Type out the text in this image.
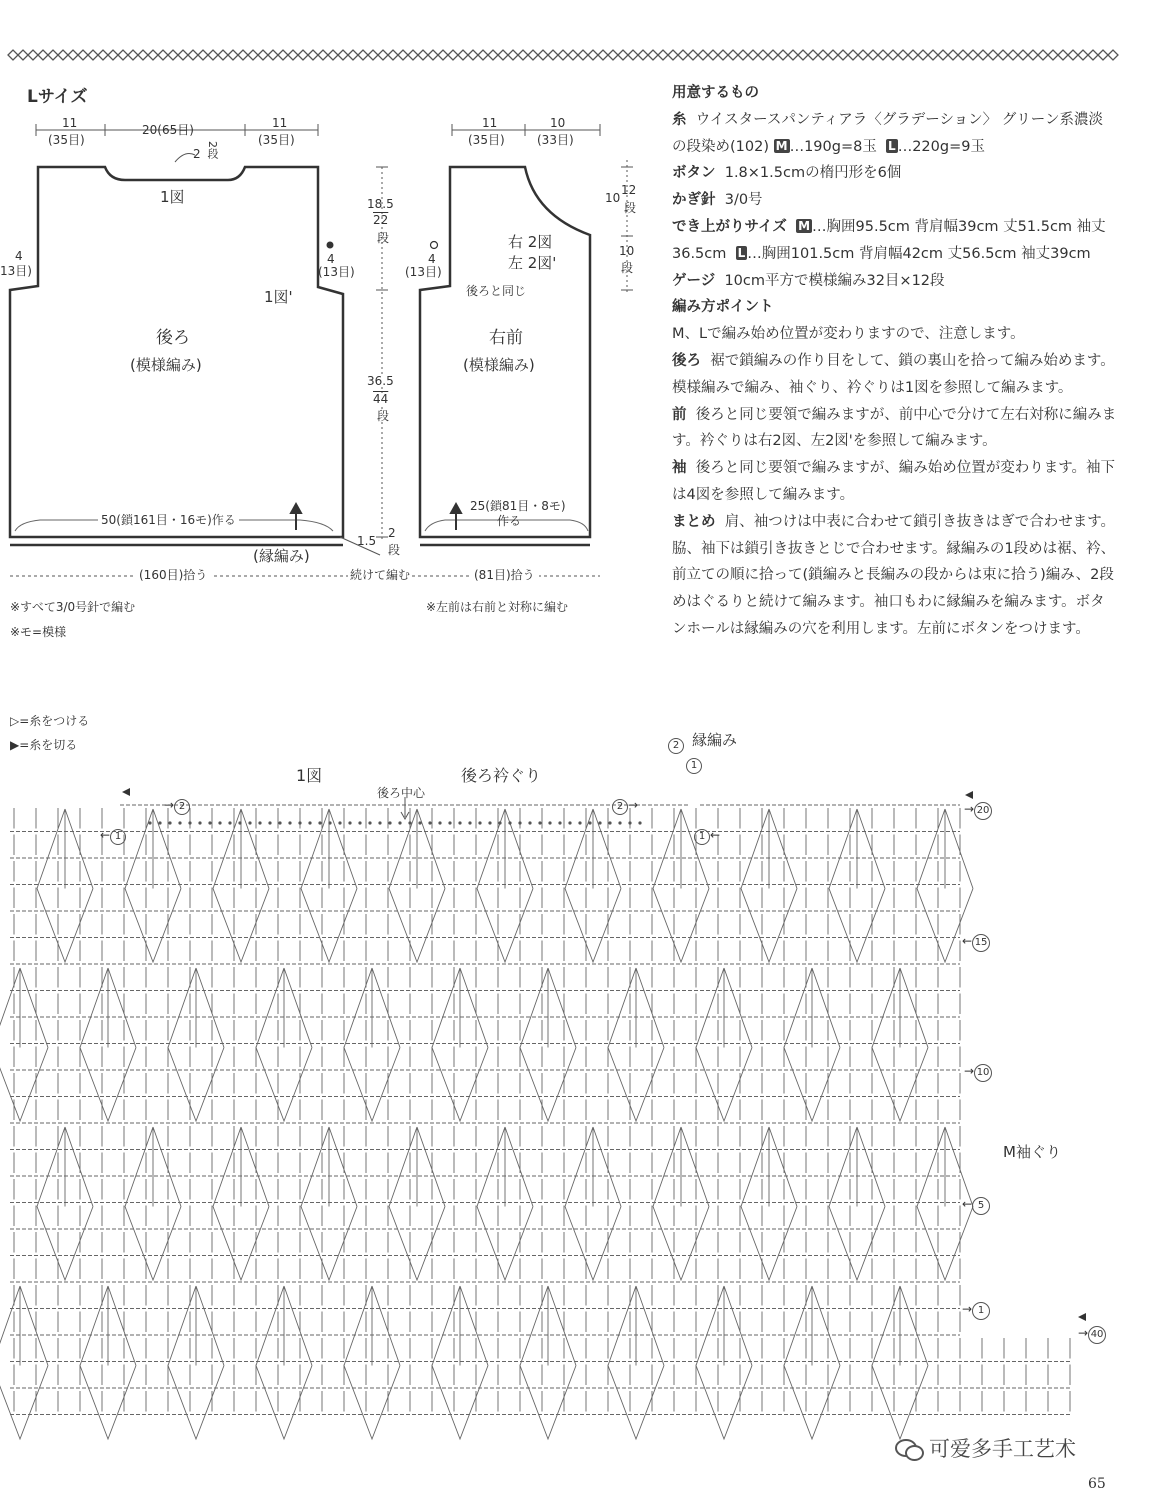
Lサイズ
11
(35目)
20(65目)	11
(35目)
2 2段
1図
1図'
4
13目)
4
(13目)
後ろ
(模様編み)
50(鎖161目・16モ)作る
(縁編み)
(160目)拾う
18.5
22
段
36.5
44
段
1.5
2
段
続けて編む
11
(35目)
10
(33目)
10
12
段
10
段
右 2図
左 2図'
後ろと同じ
4
(13目)
右前
(模様編み)
25(鎖81目・8モ)
作る
(81目)拾う
※すべて3/0号針で編む
※モ=模様
※左前は右前と対称に編む

用意するもの

糸 ウイスタースパンティアラ〈グラデーション〉 グリーン系濃淡の段染め(102) M …190g=8玉 L …220g=9玉

ボタン 1.8×1.5cmの楕円形を6個

かぎ針 3/0号

でき上がりサイズ M …胸囲95.5cm 背肩幅39cm 丈51.5cm 袖丈36.5cm L …胸囲101.5cm 背肩幅42cm 丈56.5cm 袖丈39cm

ゲージ 10cm平方で模様編み32目×12段

編み方ポイント

M、Lで編み始め位置が変わりますので、注意します。

後ろ 裾で鎖編みの作り目をして、鎖の裏山を拾って編み始めます。模様編みで編み、袖ぐり、衿ぐりは1図を参照して編みます。

前 後ろと同じ要領で編みますが、前中心で分けて左右対称に編みます。衿ぐりは右2図、左2図'を参照して編みます。

袖 後ろと同じ要領で編みますが、編み始め位置が変わります。袖下は4図を参照して編みます。

まとめ 肩、袖つけは中表に合わせて鎖引き抜きはぎで合わせます。脇、袖下は鎖引き抜きとじで合わせます。縁編みの1段めは裾、衿、前立ての順に拾って(鎖編みと長編みの段からは束に拾う)編み、2段めはぐるりと続けて編みます。袖口もわに縁編みを編みます。ボタンホールは縁編みの穴を利用します。左前にボタンをつけます。

▷=糸をつける
▶=糸を切る
1図	後ろ衿ぐり
後ろ中心
縁編み
M袖ぐり
→ 20
← 15
→ 10
← 5
→ 1
→ 40
← 1
→ 2	2 →
1 ←
2
1
可爱多手工艺术
65
